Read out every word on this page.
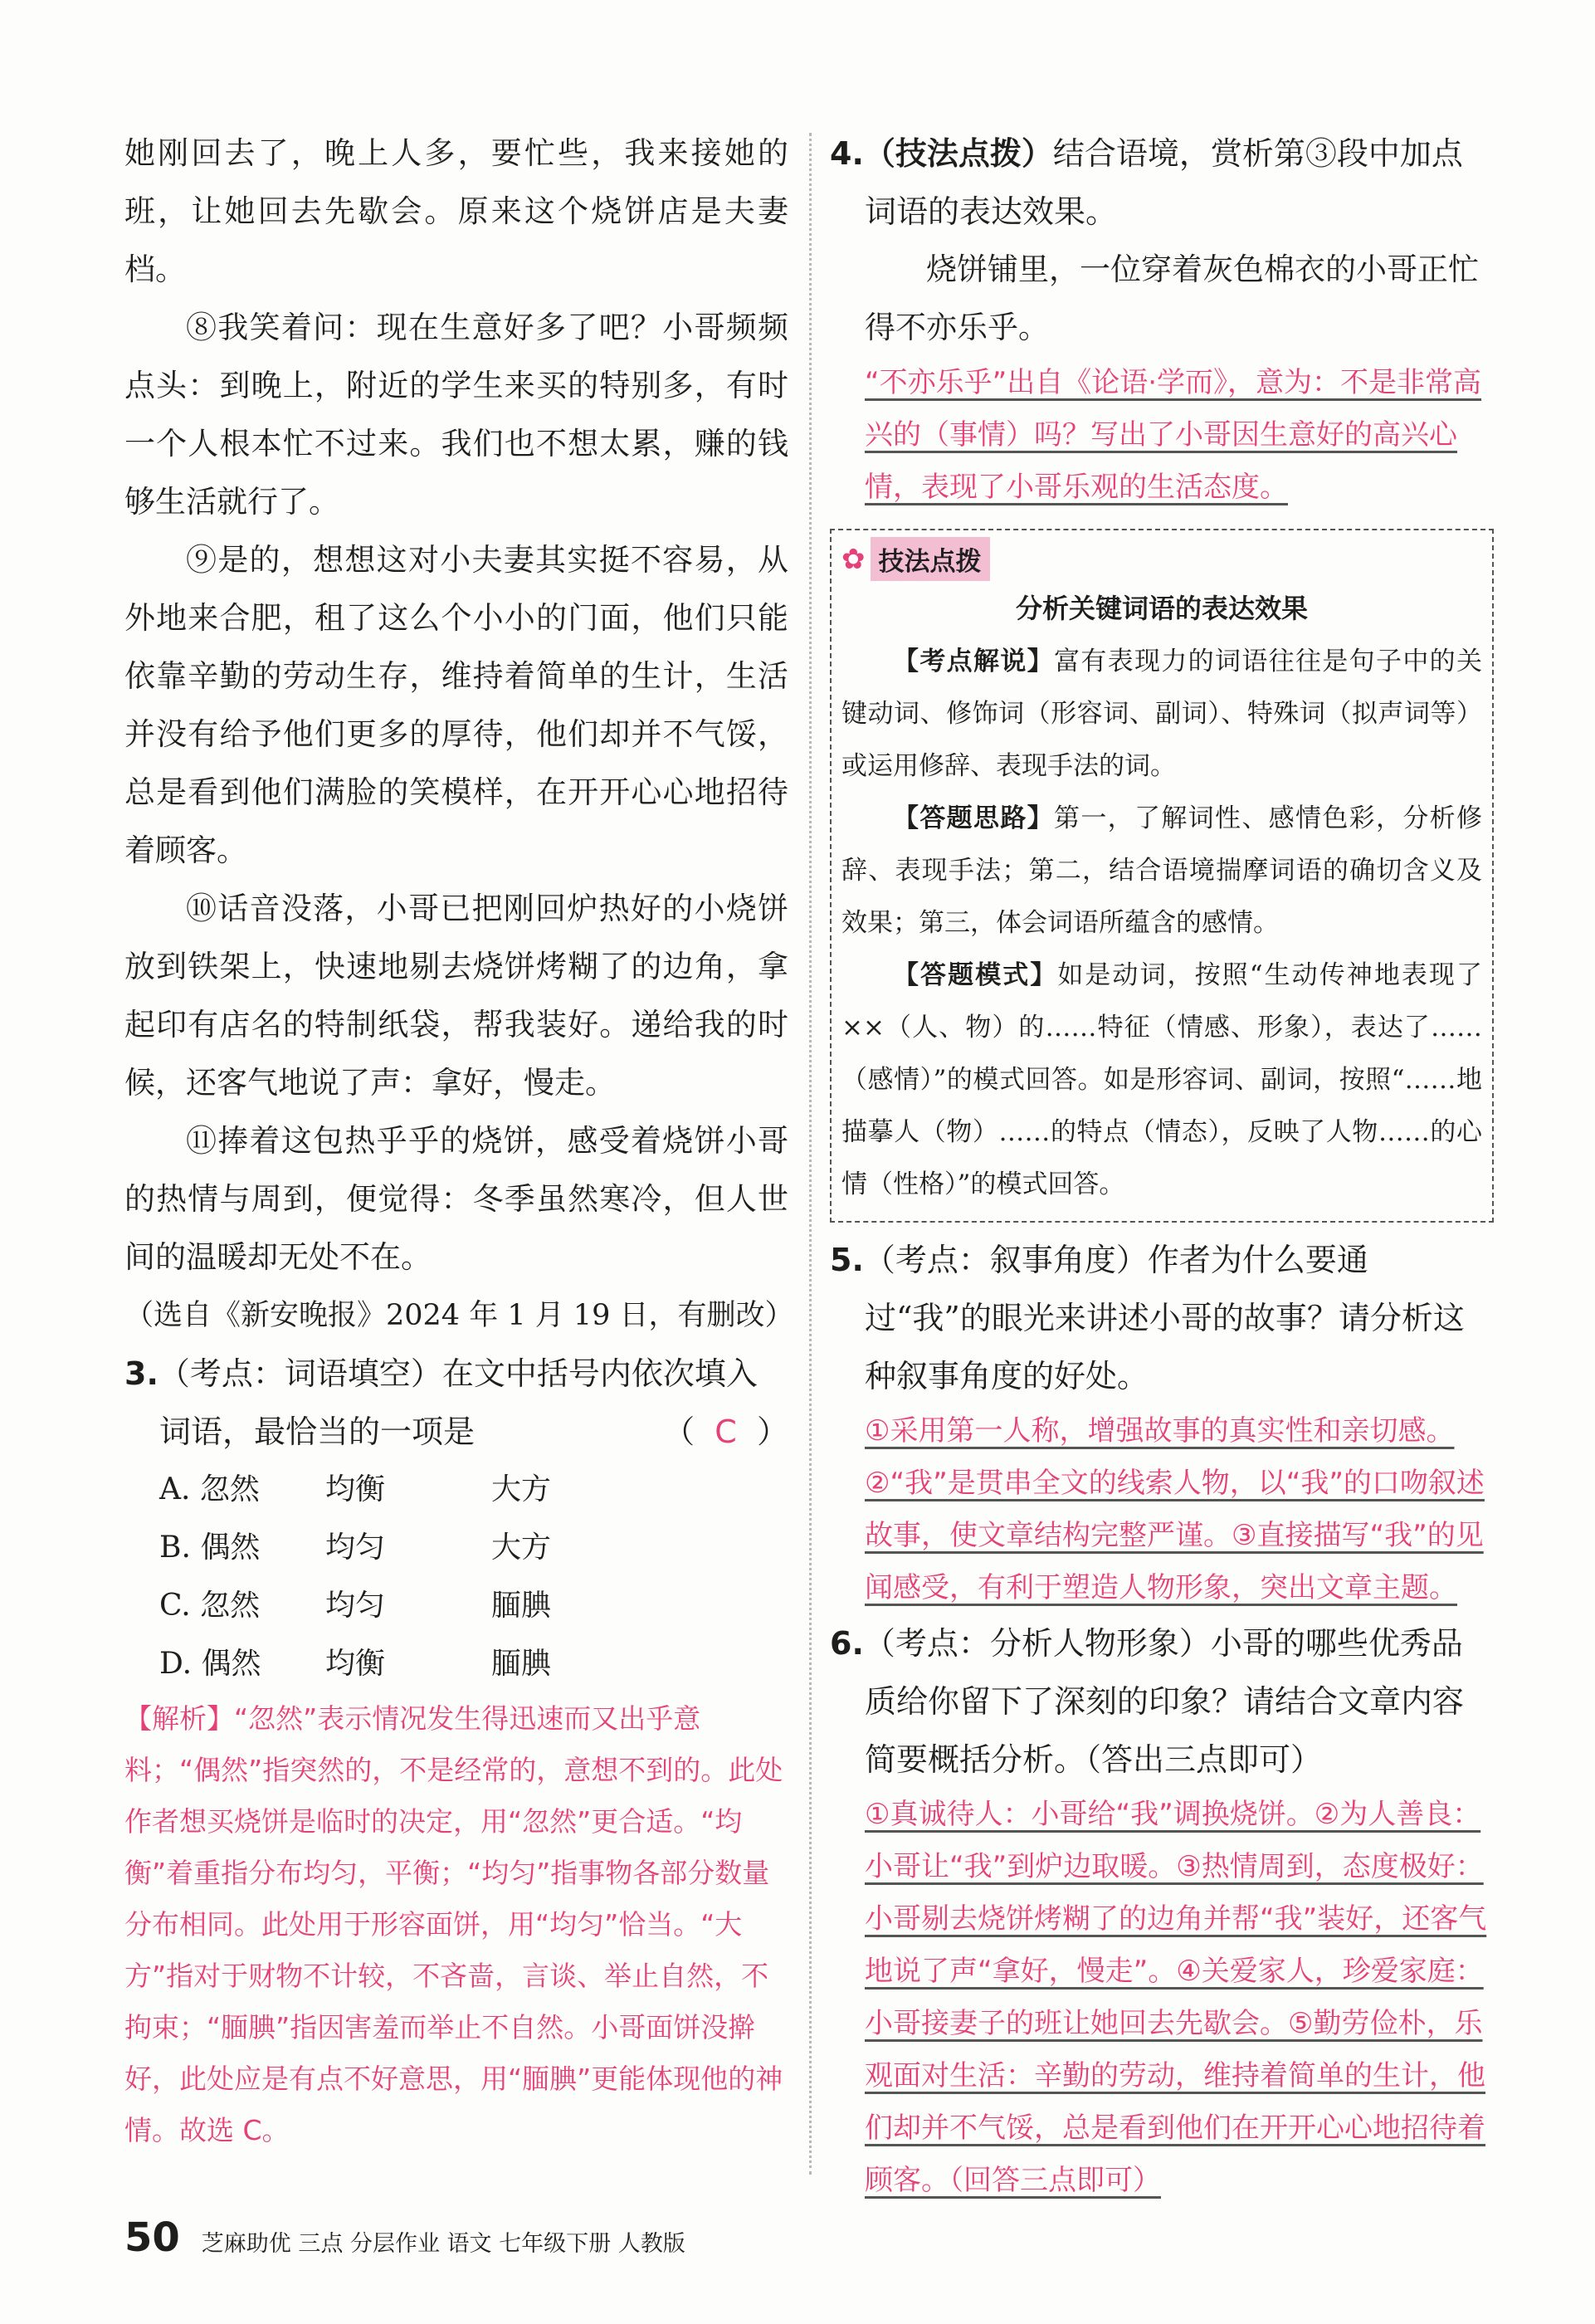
她刚回去了，晚上人多，要忙些，我来接她的班，让她回去先歇会。原来这个烧饼店是夫妻档。

⑧我笑着问：现在生意好多了吧？小哥频频点头：到晚上，附近的学生来买的特别多，有时一个人根本忙不过来。我们也不想太累，赚的钱够生活就行了。

⑨是的，想想这对小夫妻其实挺不容易，从外地来合肥，租了这么个小小的门面，他们只能依靠辛勤的劳动生存，维持着简单的生计，生活并没有给予他们更多的厚待，他们却并不气馁，总是看到他们满脸的笑模样，在开开心心地招待着顾客。

⑩话音没落，小哥已把刚回炉热好的小烧饼放到铁架上，快速地剔去烧饼烤糊了的边角，拿起印有店名的特制纸袋，帮我装好。递给我的时候，还客气地说了声：拿好，慢走。

⑪捧着这包热乎乎的烧饼，感受着烧饼小哥的热情与周到，便觉得：冬季虽然寒冷，但人世间的温暖却无处不在。

（选自《新安晚报》2024 年 1 月 19 日，有删改）

3.（考点：词语填空）在文中括号内依次填入词语，最恰当的一项是	（ C ）

A. 忽然	均衡	大方
B. 偶然	均匀	大方
C. 忽然	均匀	腼腆
D. 偶然	均衡	腼腆

【解析】“忽然”表示情况发生得迅速而又出乎意料；“偶然”指突然的，不是经常的，意想不到的。此处作者想买烧饼是临时的决定，用“忽然”更合适。“均衡”着重指分布均匀，平衡；“均匀”指事物各部分数量分布相同。此处用于形容面饼，用“均匀”恰当。“大方”指对于财物不计较，不吝啬，言谈、举止自然，不拘束；“腼腆”指因害羞而举止不自然。小哥面饼没擀好，此处应是有点不好意思，用“腼腆”更能体现他的神情。故选 C。

4.（技法点拨）结合语境，赏析第③段中加点词语的表达效果。

烧饼铺里，一位穿着灰色棉衣的小哥正忙得不亦乐乎。

“不亦乐乎”出自《论语·学而》，意为：不是非常高兴的（事情）吗？写出了小哥因生意好的高兴心情，表现了小哥乐观的生活态度。

✿ 技法点拨

分析关键词语的表达效果

【考点解说】富有表现力的词语往往是句子中的关键动词、修饰词（形容词、副词）、特殊词（拟声词等）或运用修辞、表现手法的词。

【答题思路】第一，了解词性、感情色彩，分析修辞、表现手法；第二，结合语境揣摩词语的确切含义及效果；第三，体会词语所蕴含的感情。

【答题模式】如是动词，按照“生动传神地表现了××（人、物）的……特征（情感、形象），表达了……（感情）”的模式回答。如是形容词、副词，按照“……地描摹人（物）……的特点（情态），反映了人物……的心情（性格）”的模式回答。

5.（考点：叙事角度）作者为什么要通过“我”的眼光来讲述小哥的故事？请分析这种叙事角度的好处。

①采用第一人称，增强故事的真实性和亲切感。②“我”是贯串全文的线索人物，以“我”的口吻叙述故事，使文章结构完整严谨。③直接描写“我”的见闻感受，有利于塑造人物形象，突出文章主题。

6.（考点：分析人物形象）小哥的哪些优秀品质给你留下了深刻的印象？请结合文章内容简要概括分析。（答出三点即可）

①真诚待人：小哥给“我”调换烧饼。②为人善良：小哥让“我”到炉边取暖。③热情周到，态度极好：小哥剔去烧饼烤糊了的边角并帮“我”装好，还客气地说了声“拿好，慢走”。④关爱家人，珍爱家庭：小哥接妻子的班让她回去先歇会。⑤勤劳俭朴，乐观面对生活：辛勤的劳动，维持着简单的生计，他们却并不气馁，总是看到他们在开开心心地招待着顾客。（回答三点即可）

50 芝麻助优 三点 分层作业 语文 七年级下册 人教版
